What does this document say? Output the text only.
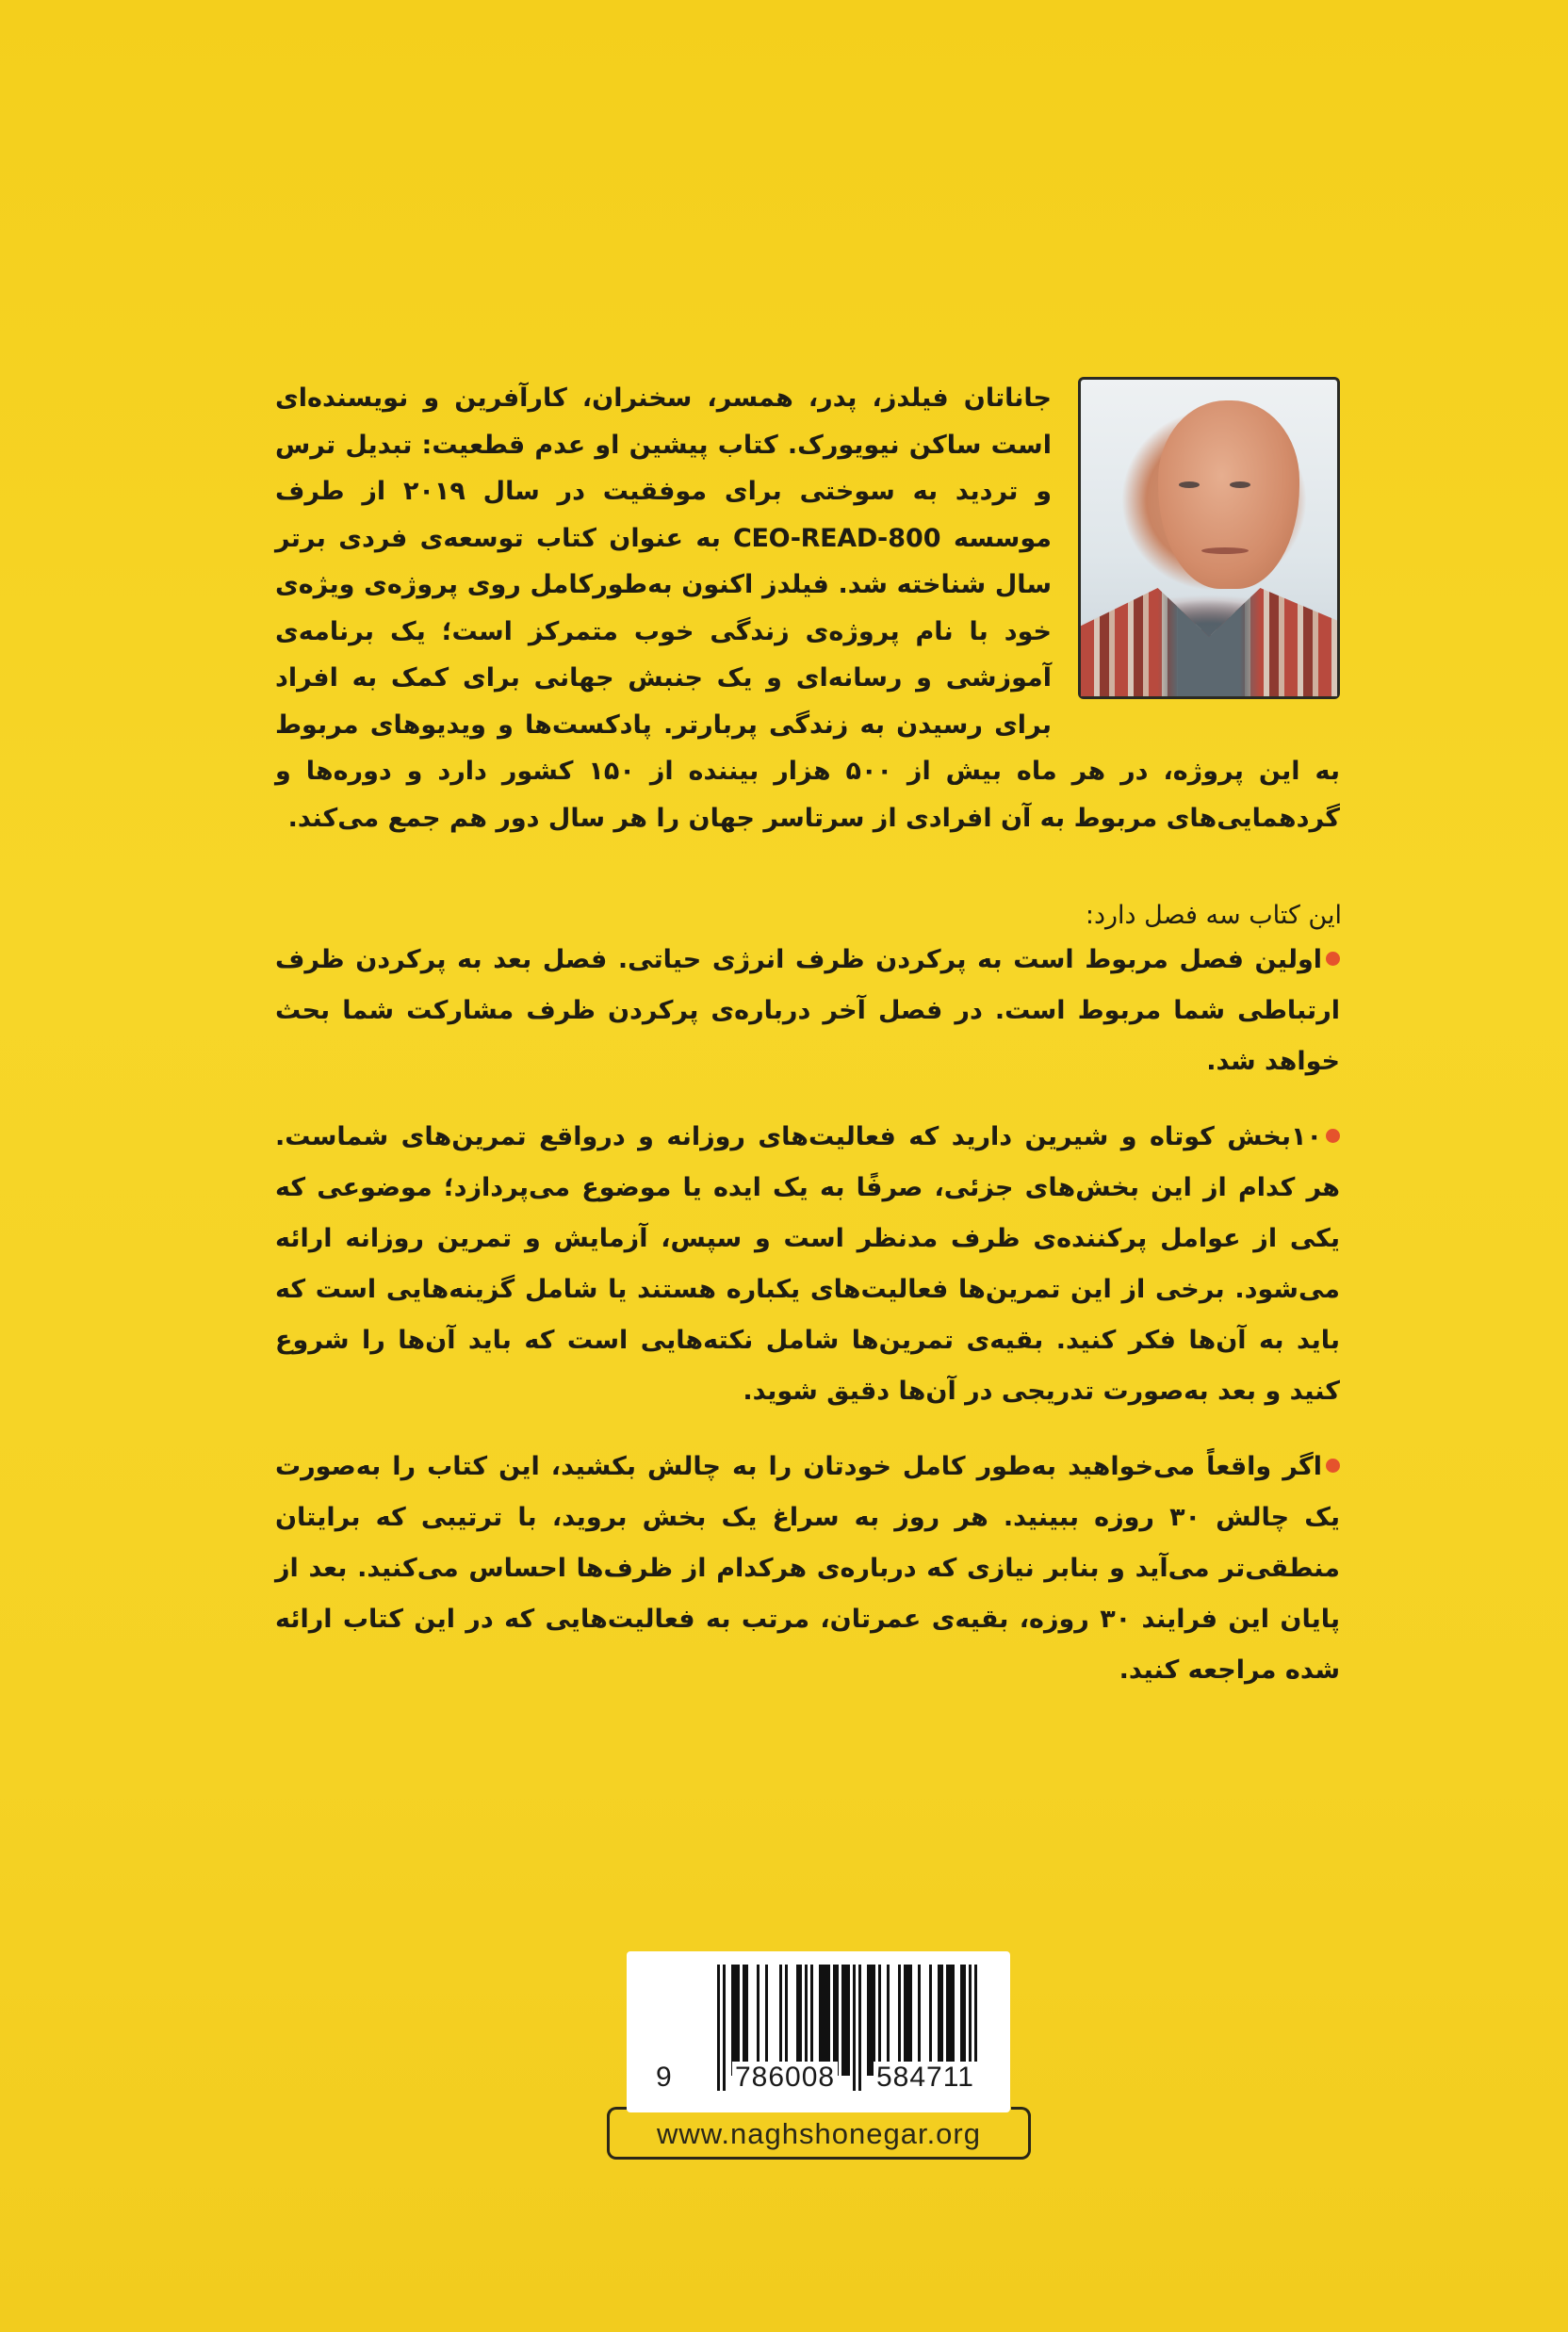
جاناتان فیلدز، پدر، همسر، سخنران، کارآفرین و نویسنده‌ای است ساکن نیویورک. کتاب پیشین او عدم قطعیت: تبدیل ترس و تردید به سوختی برای موفقیت در سال ۲۰۱۹ از طرف موسسه 800-CEO-READ به عنوان کتاب توسعه‌ی فردی برتر سال شناخته شد. فیلدز اکنون به‌طورکامل روی پروژه‌ی ویژه‌ی خود با نام پروژه‌ی زندگی خوب متمرکز است؛ یک برنامه‌ی آموزشی و رسانه‌ای و یک جنبش جهانی برای کمک به افراد برای رسیدن به زندگی پربارتر. پادکست‌ها و ویدیوهای مربوط به این پروژه، در هر ماه بیش از ۵۰۰ هزار بیننده از ۱۵۰ کشور دارد و دوره‌ها و گردهمایی‌های مربوط به آن افرادی از سرتاسر جهان را هر سال دور هم جمع می‌کند.

این کتاب سه فصل دارد:

اولین فصل مربوط است به پرکردن ظرف انرژی حیاتی. فصل بعد به پرکردن ظرف ارتباطی شما مربوط است. در فصل آخر درباره‌ی پرکردن ظرف مشارکت شما بحث خواهد شد.

۱۰بخش کوتاه و شیرین دارید که فعالیت‌های روزانه و درواقع تمرین‌های شماست. هر کدام از این بخش‌های جزئی، صرفًا به یک ایده یا موضوع می‌پردازد؛ موضوعی که یکی از عوامل پرکننده‌ی ظرف مدنظر است و سپس، آزمایش و تمرین روزانه ارائه می‌شود. برخی از این تمرین‌ها فعالیت‌های یکباره هستند یا شامل گزینه‌هایی است که باید به آن‌ها فکر کنید. بقیه‌ی تمرین‌ها شامل نکته‌هایی است که باید آن‌ها را شروع کنید و بعد به‌صورت تدریجی در آن‌ها دقیق شوید.

اگر واقعاً می‌خواهید به‌طور کامل خودتان را به چالش بکشید، این کتاب را به‌صورت یک چالش ۳۰ روزه ببینید. هر روز به سراغ یک بخش بروید، با ترتیبی که برایتان منطقی‌تر می‌آید و بنابر نیازی که درباره‌ی هرکدام از ظرف‌ها احساس می‌کنید. بعد از پایان این فرایند ۳۰ روزه، بقیه‌ی عمرتان، مرتب به فعالیت‌هایی که در این کتاب ارائه شده مراجعه کنید.

9 786008 584711
www.naghshonegar.org
